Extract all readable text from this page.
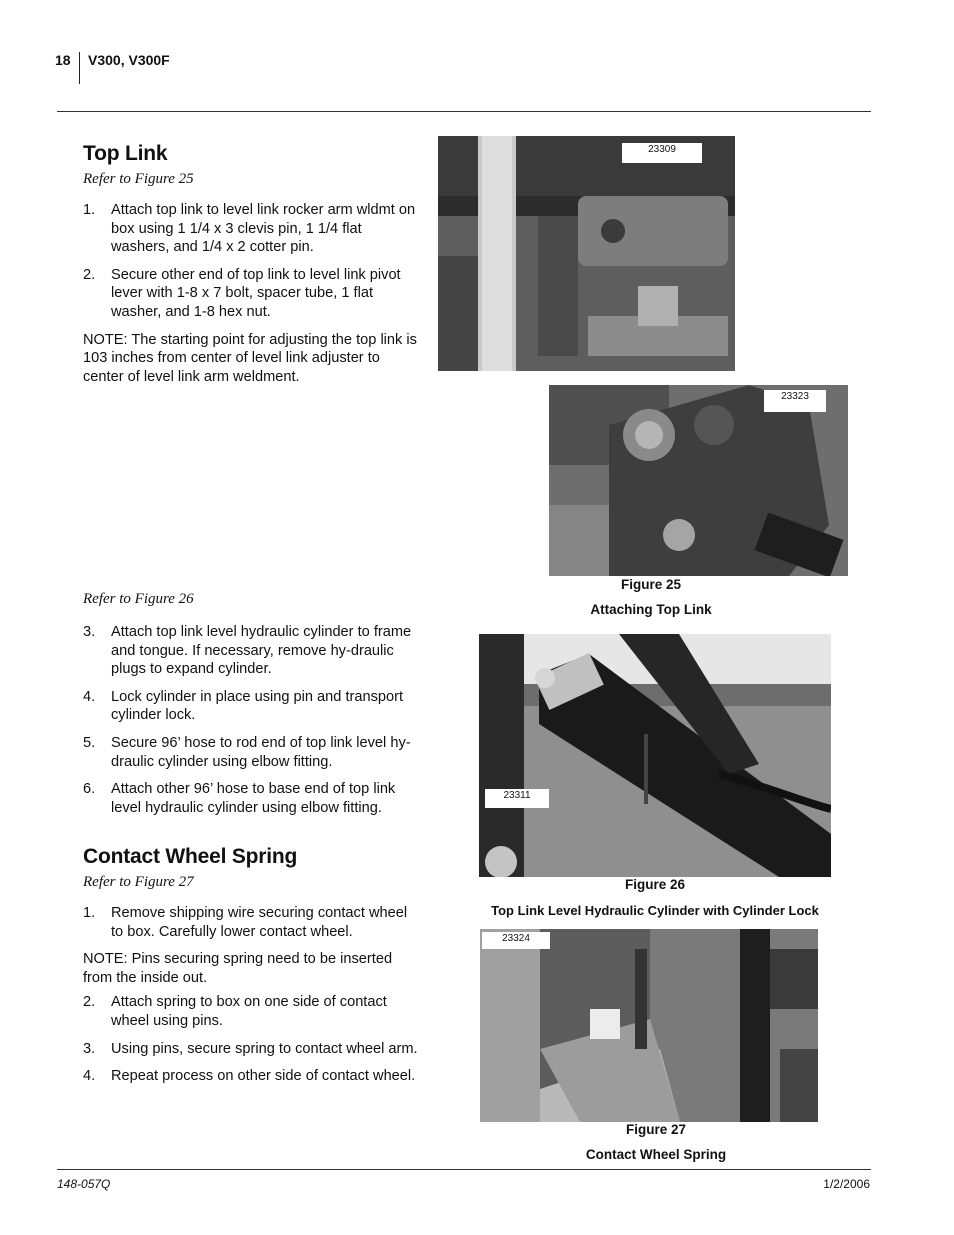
18 V300, V300F
Top Link
Refer to Figure 25
1. Attach top link to level link rocker arm wldmt on box using 1 1/4 x 3 clevis pin, 1 1/4 flat washers, and 1/4 x 2 cotter pin.
2. Secure other end of top link to level link pivot lever with 1-8 x 7 bolt, spacer tube, 1 flat washer, and 1-8 hex nut.
NOTE: The starting point for adjusting the top link is 103 inches from center of level link adjuster to center of level link arm weldment.
Refer to Figure 26
3. Attach top link level hydraulic cylinder to frame and tongue. If necessary, remove hy-draulic plugs to expand cylinder.
4. Lock cylinder in place using pin and transport cylinder lock.
5. Secure 96’ hose to rod end of top link level hy-draulic cylinder using elbow fitting.
6. Attach other 96’ hose to base end of top link level hydraulic cylinder using elbow fitting.
Contact Wheel Spring
Refer to Figure 27
1. Remove shipping wire securing contact wheel to box. Carefully lower contact wheel.
NOTE: Pins securing spring need to be inserted from the inside out.
2. Attach spring to box on one side of contact wheel using pins.
3. Using pins, secure spring to contact wheel arm.
4. Repeat process on other side of contact wheel.
23309
23323
Figure 25
Attaching Top Link
23311
Figure 26
Top Link Level Hydraulic Cylinder with Cylinder Lock
23324
Figure 27
Contact Wheel Spring
148-057Q	1/2/2006
